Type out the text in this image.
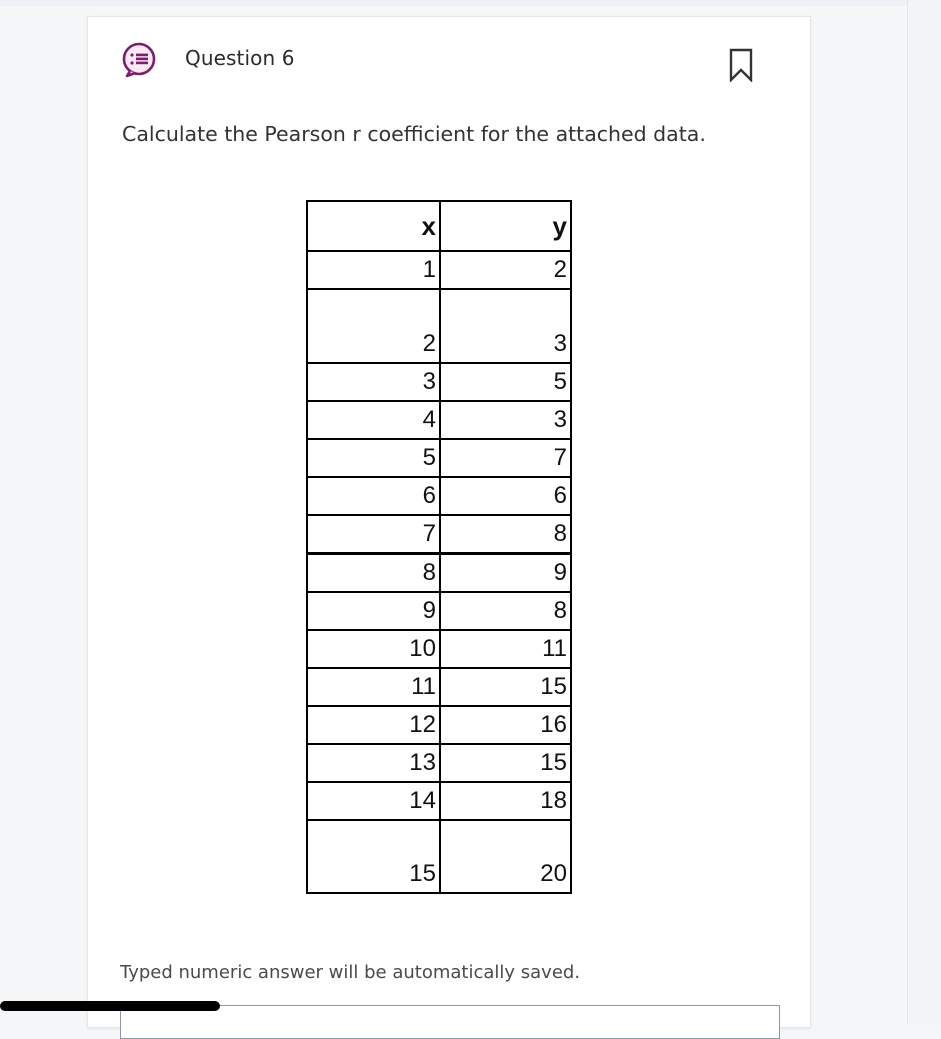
Question 6
Calculate the Pearson r coefficient for the attached data.
x	y
1	2
2	3
3	5
4	3
5	7
6	6
7	8
8	9
9	8
10	11
11	15
12	16
13	15
14	18
15	20
Typed numeric answer will be automatically saved.
